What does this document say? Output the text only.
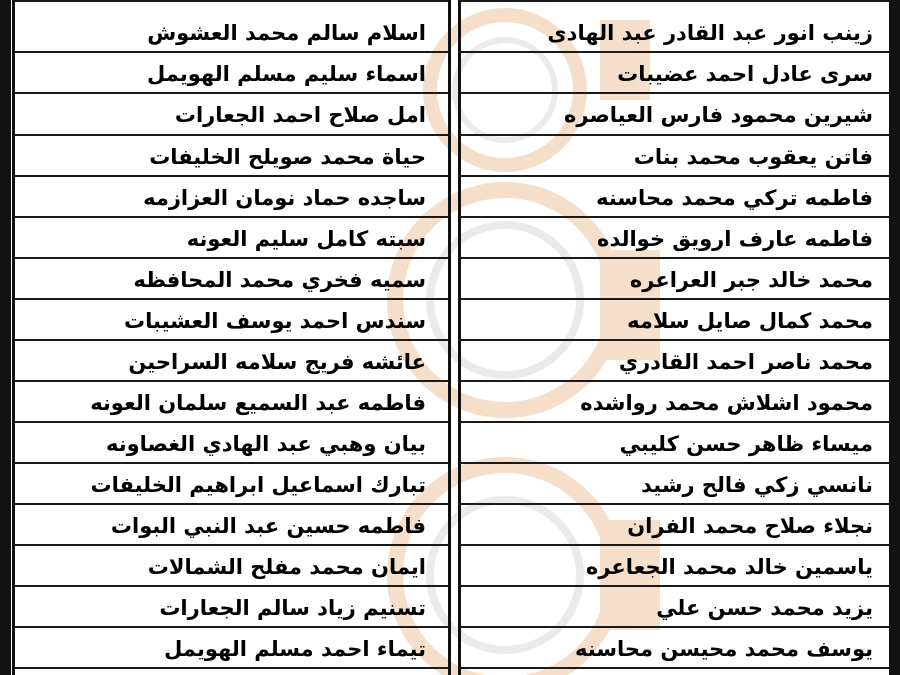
اسلام سالم محمد العشوش
اسماء سليم مسلم الهويمل
امل صلاح احمد الجعارات
حياة محمد صويلح الخليفات
ساجده حماد نومان العزازمه
سبته كامل سليم العونه
سميه فخري محمد المحافظه
سندس احمد يوسف العشيبات
عائشه فريج سلامه السراحين
فاطمه عبد السميع سلمان العونه
بيان وهبي عبد الهادي الغصاونه
تبارك اسماعيل ابراهيم الخليفات
فاطمه حسين عبد النبي البوات
ايمان محمد مفلح الشمالات
تسنيم زياد سالم الجعارات
تيماء احمد مسلم الهويمل
زينب انور عبد القادر عبد الهادى
سرى عادل احمد عضيبات
شيرين محمود فارس العياصره
فاتن يعقوب محمد بنات
فاطمه تركي محمد محاسنه
فاطمه عارف ارويق خوالده
محمد خالد جبر العراعره
محمد كمال صايل سلامه
محمد ناصر احمد القادري
محمود اشلاش محمد رواشده
ميساء ظاهر حسن كليبي
نانسي زكي فالح رشيد
نجلاء صلاح محمد الفران
ياسمين خالد محمد الجعاعره
يزيد محمد حسن علي
يوسف محمد محيسن محاسنه
